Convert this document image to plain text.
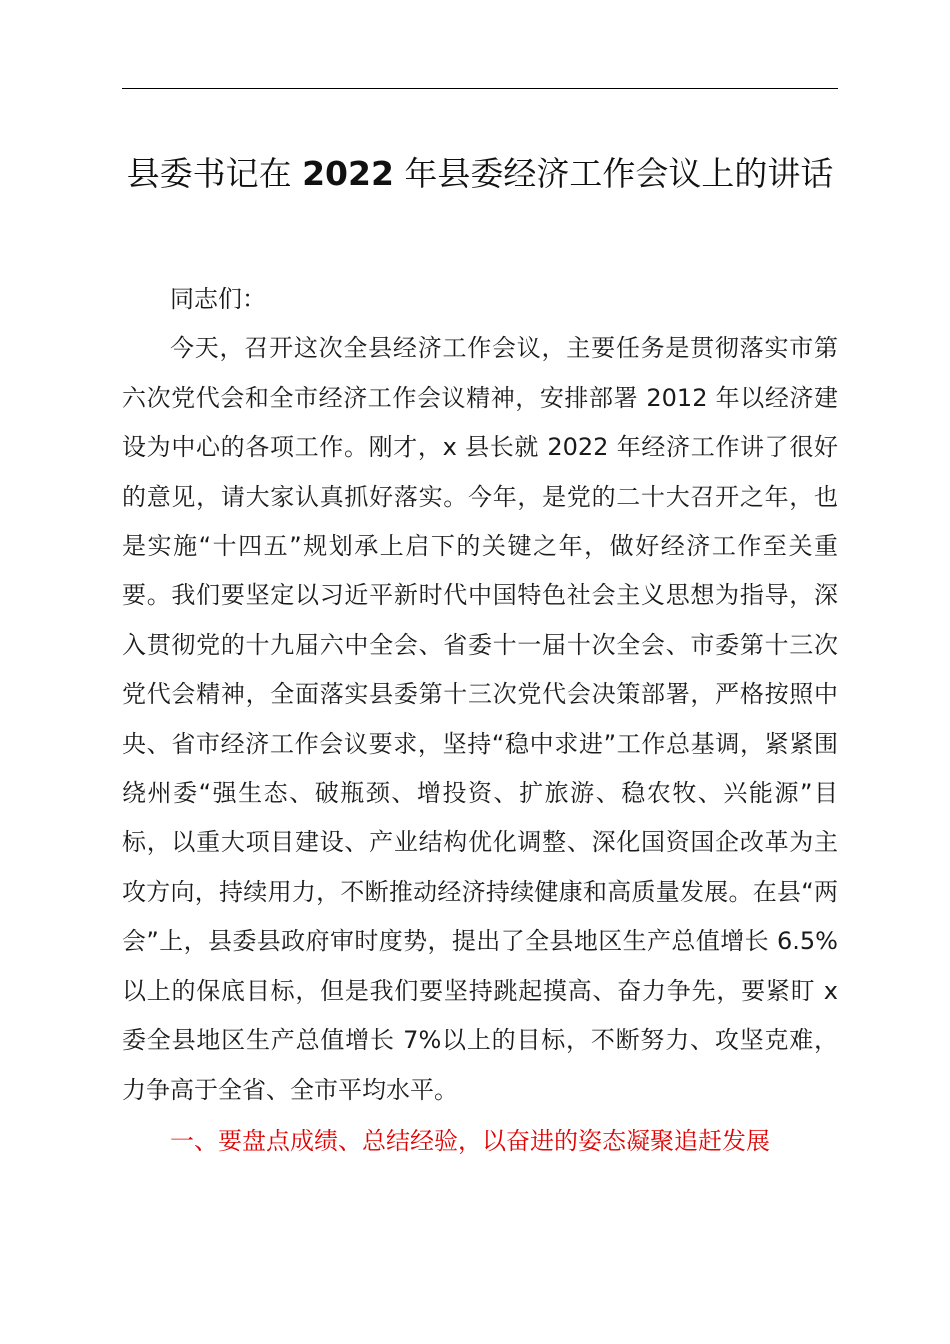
县委书记在 2022 年县委经济工作会议上的讲话

同志们：

今天，召开这次全县经济工作会议，主要任务是贯彻落实市第六次党代会和全市经济工作会议精神，安排部署 2012 年以经济建设为中心的各项工作。刚才，x 县长就 2022 年经济工作讲了很好的意见，请大家认真抓好落实。今年，是党的二十大召开之年，也是实施“十四五”规划承上启下的关键之年，做好经济工作至关重要。我们要坚定以习近平新时代中国特色社会主义思想为指导，深入贯彻党的十九届六中全会、省委十一届十次全会、市委第十三次党代会精神，全面落实县委第十三次党代会决策部署，严格按照中央、省市经济工作会议要求，坚持“稳中求进”工作总基调，紧紧围绕州委“强生态、破瓶颈、增投资、扩旅游、稳农牧、兴能源”目标，以重大项目建设、产业结构优化调整、深化国资国企改革为主攻方向，持续用力，不断推动经济持续健康和高质量发展。在县“两会”上，县委县政府审时度势，提出了全县地区生产总值增长 6.5%以上的保底目标，但是我们要坚持跳起摸高、奋力争先，要紧盯 x 委全县地区生产总值增长 7%以上的目标，不断努力、攻坚克难，力争高于全省、全市平均水平。

一、要盘点成绩、总结经验，以奋进的姿态凝聚追赶发展
